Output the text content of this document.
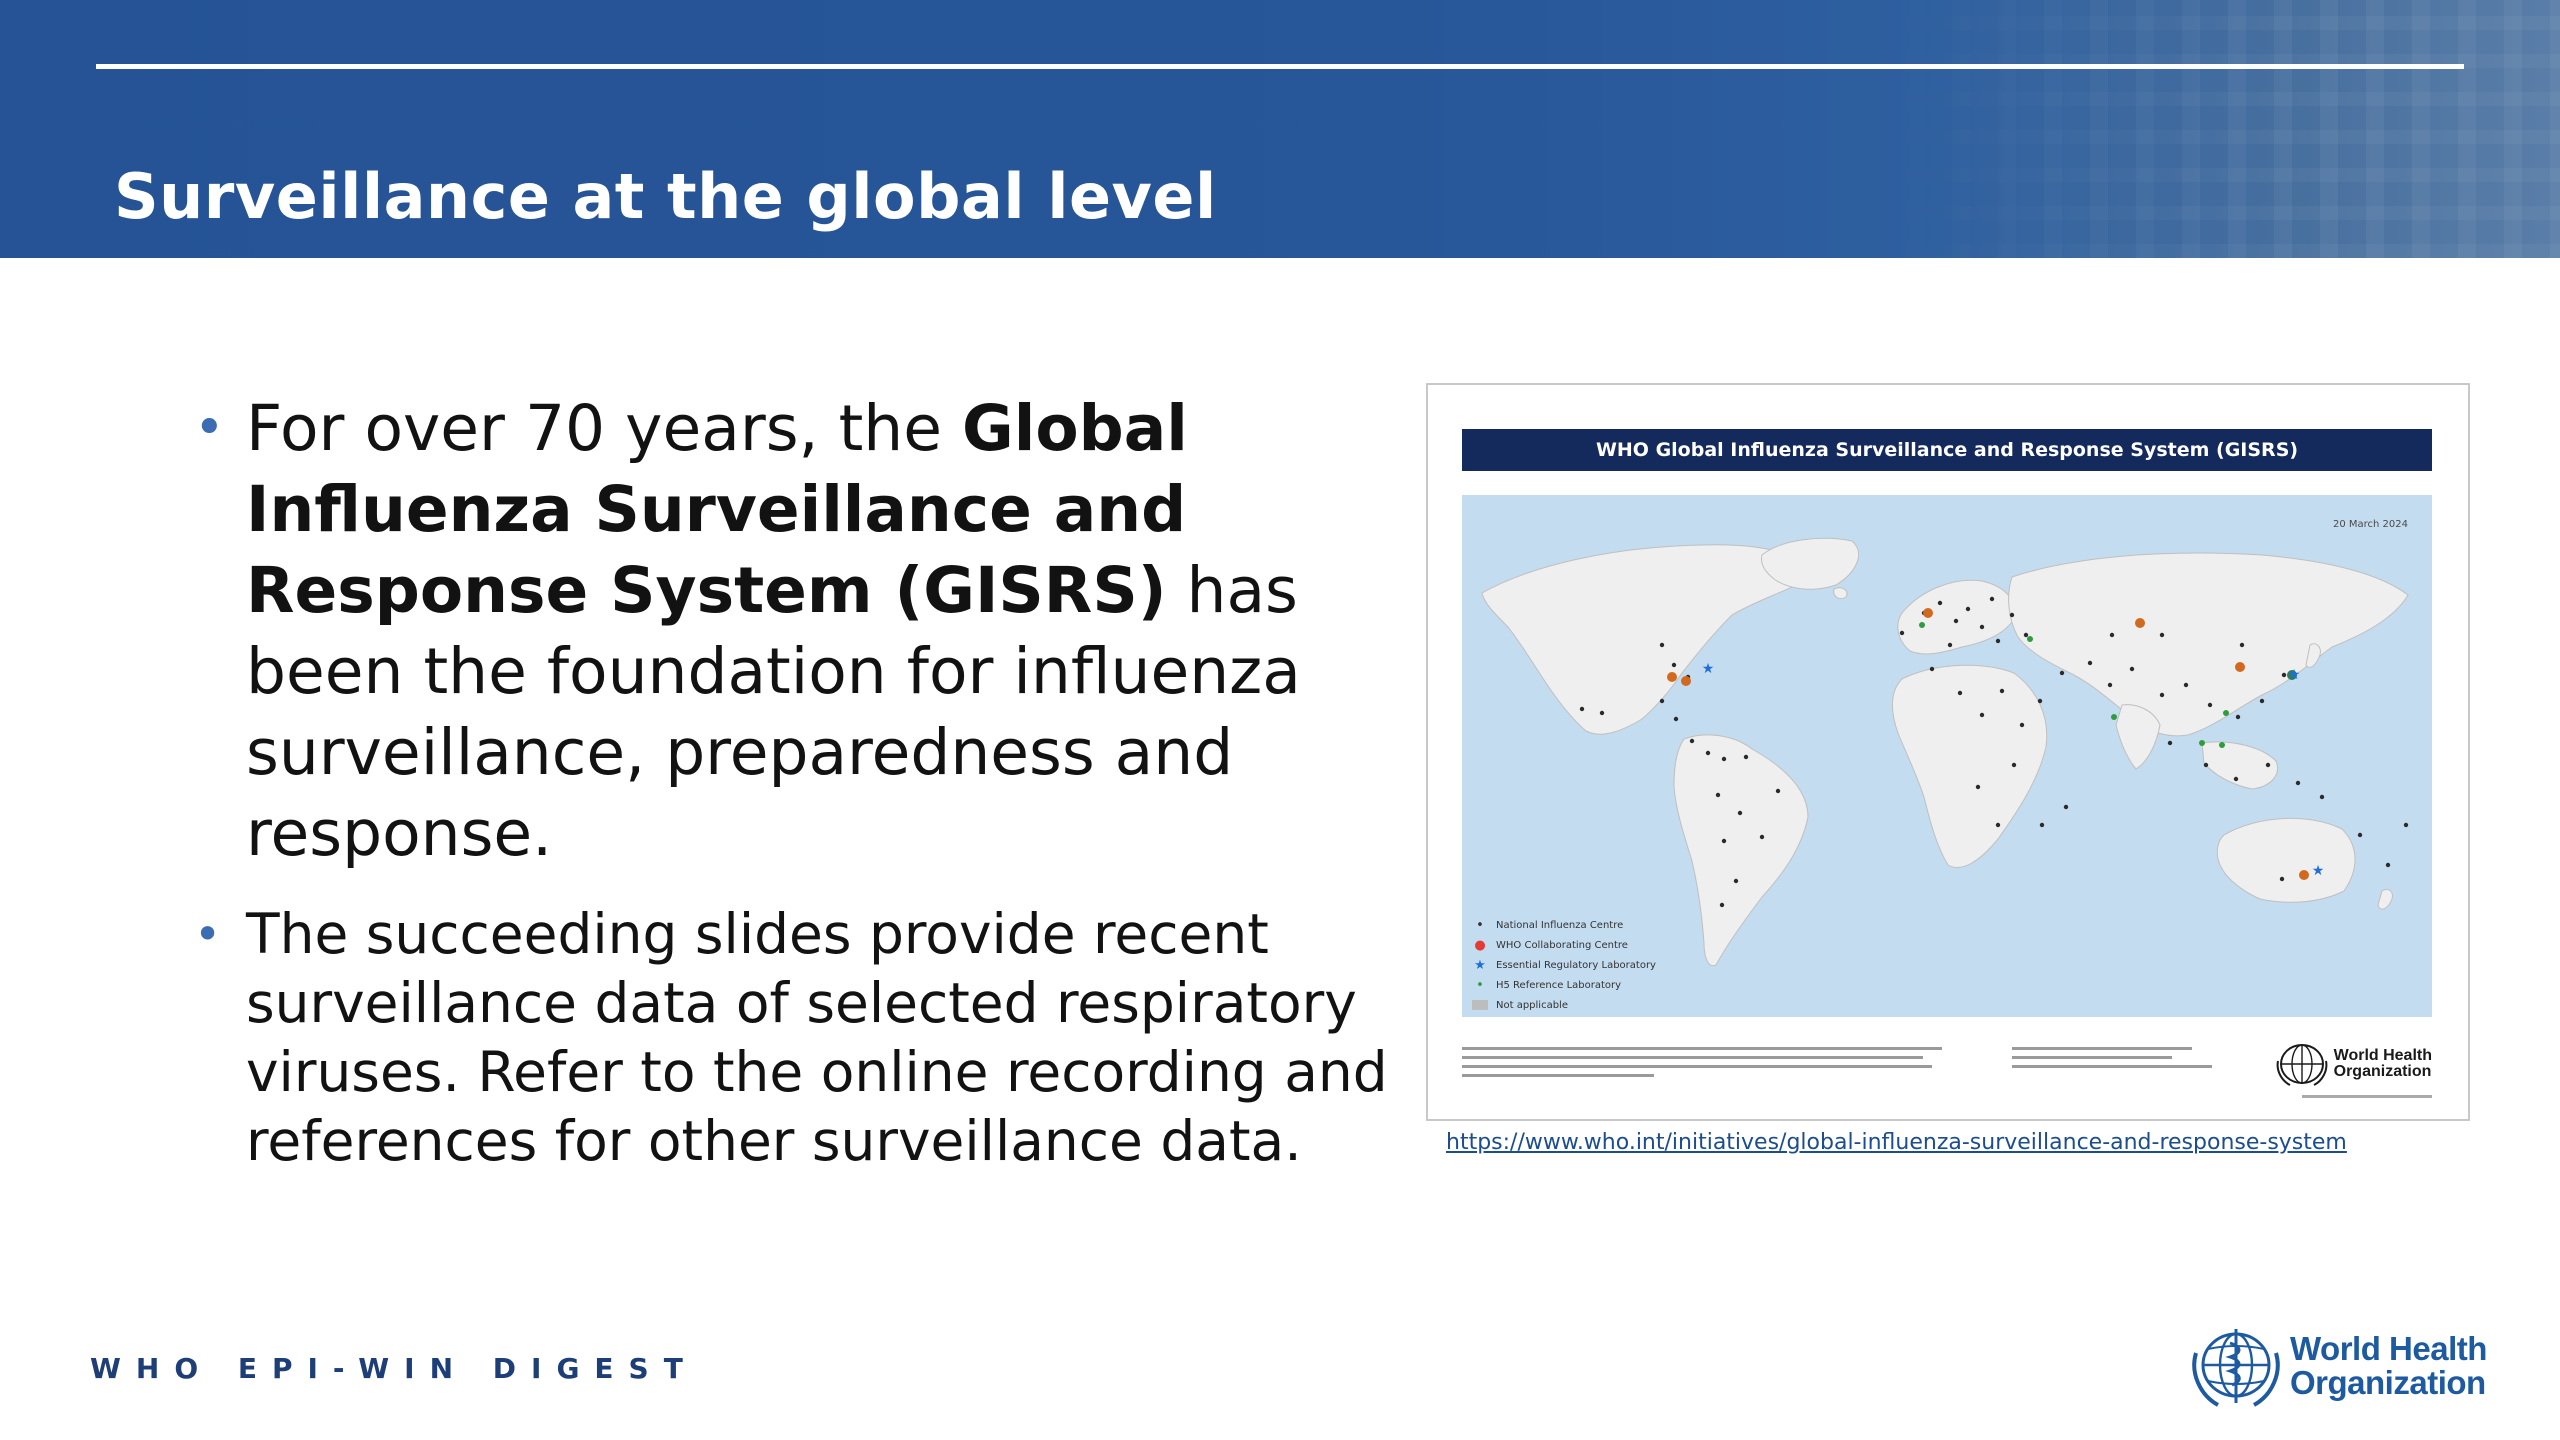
Surveillance at the global level
• For over 70 years, the Global Influenza Surveillance and Response System (GISRS) has been the foundation for influenza surveillance, preparedness and response.
• The succeeding slides provide recent surveillance data of selected respiratory viruses. Refer to the online recording and references for other surveillance data.
WHO Global Influenza Surveillance and Response System (GISRS)
★
★
★
20 March 2024
•	National Influenza Centre
● WHO Collaborating Centre
★ Essential Regulatory Laboratory
•	H5 Reference Laboratory
Not applicable
World Health
Organization
https://www.who.int/initiatives/global-influenza-surveillance-and-response-system
WHO EPI-WIN DIGEST
World Health
Organization
